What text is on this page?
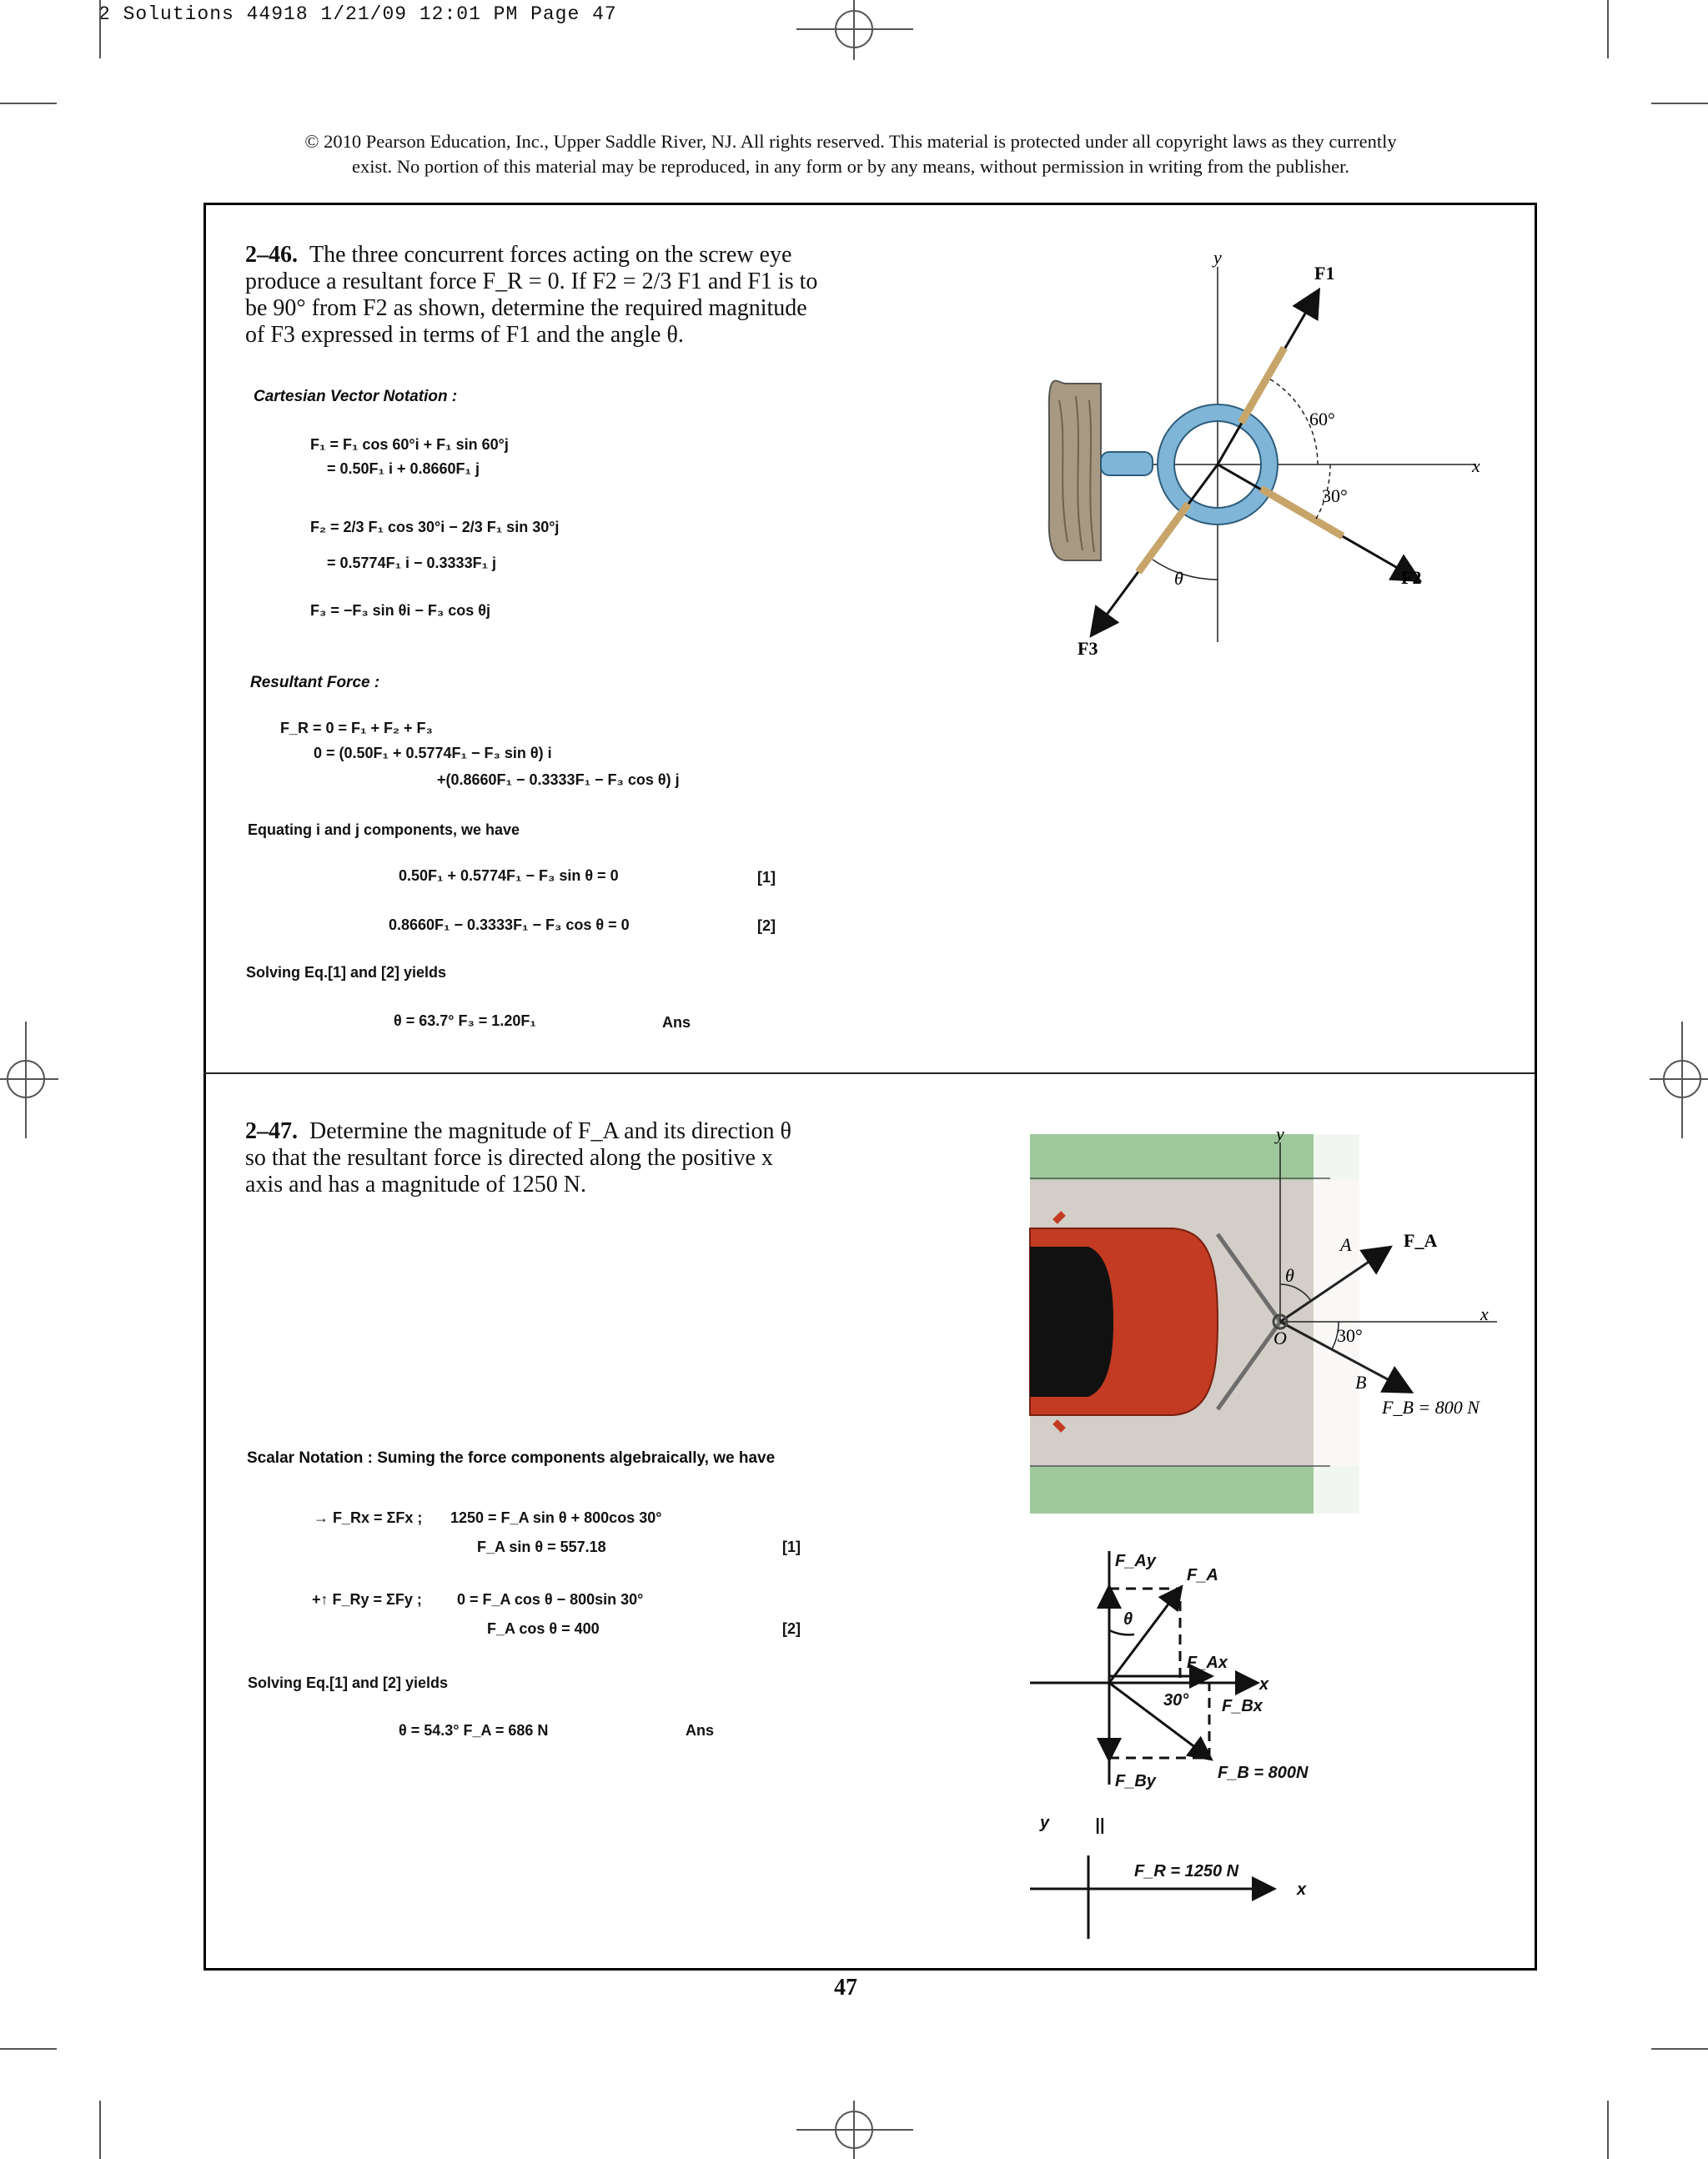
2 Solutions 44918 1/21/09 12:01 PM Page 47
© 2010 Pearson Education, Inc., Upper Saddle River, NJ. All rights reserved. This material is protected under all copyright laws as they currently
exist. No portion of this material may be reproduced, in any form or by any means, without permission in writing from the publisher.
2–46. The three concurrent forces acting on the screw eye
produce a resultant force F_R = 0. If F2 = 2/3 F1 and F1 is to
be 90° from F2 as shown, determine the required magnitude
of F3 expressed in terms of F1 and the angle θ.
Cartesian Vector Notation :
F₁ = F₁ cos 60°i + F₁ sin 60°j
= 0.50F₁ i + 0.8660F₁ j
F₂ = 2/3 F₁ cos 30°i − 2/3 F₁ sin 30°j
= 0.5774F₁ i − 0.3333F₁ j
F₃ = −F₃ sin θi − F₃ cos θj
Resultant Force :
F_R = 0 = F₁ + F₂ + F₃
0 = (0.50F₁ + 0.5774F₁ − F₃ sin θ) i
+(0.8660F₁ − 0.3333F₁ − F₃ cos θ) j
Equating i and j components, we have
0.50F₁ + 0.5774F₁ − F₃ sin θ = 0	[1]
0.8660F₁ − 0.3333F₁ − F₃ cos θ = 0	[2]
Solving Eq.[1] and [2] yields
θ = 63.7° F₃ = 1.20F₁	Ans
y
x
F1
F2
F3
60°
30°
θ
2–47. Determine the magnitude of F_A and its direction θ
so that the resultant force is directed along the positive x
axis and has a magnitude of 1250 N.
Scalar Notation : Suming the force components algebraically, we have
→ F_Rx = ΣFx ; 1250 = F_A sin θ + 800cos 30°
F_A sin θ = 557.18	[1]
+↑ F_Ry = ΣFy ; 0 = F_A cos θ − 800sin 30°
F_A cos θ = 400	[2]
Solving Eq.[1] and [2] yields
θ = 54.3° F_A = 686 N	Ans
y
x
F_A
A
B
O
θ
30°
F_B = 800 N
F_Ay
F_A
θ
F_Ax
x
30° F_Bx
F_By	F_B = 800N
y	||
F_R = 1250 N
x
47
